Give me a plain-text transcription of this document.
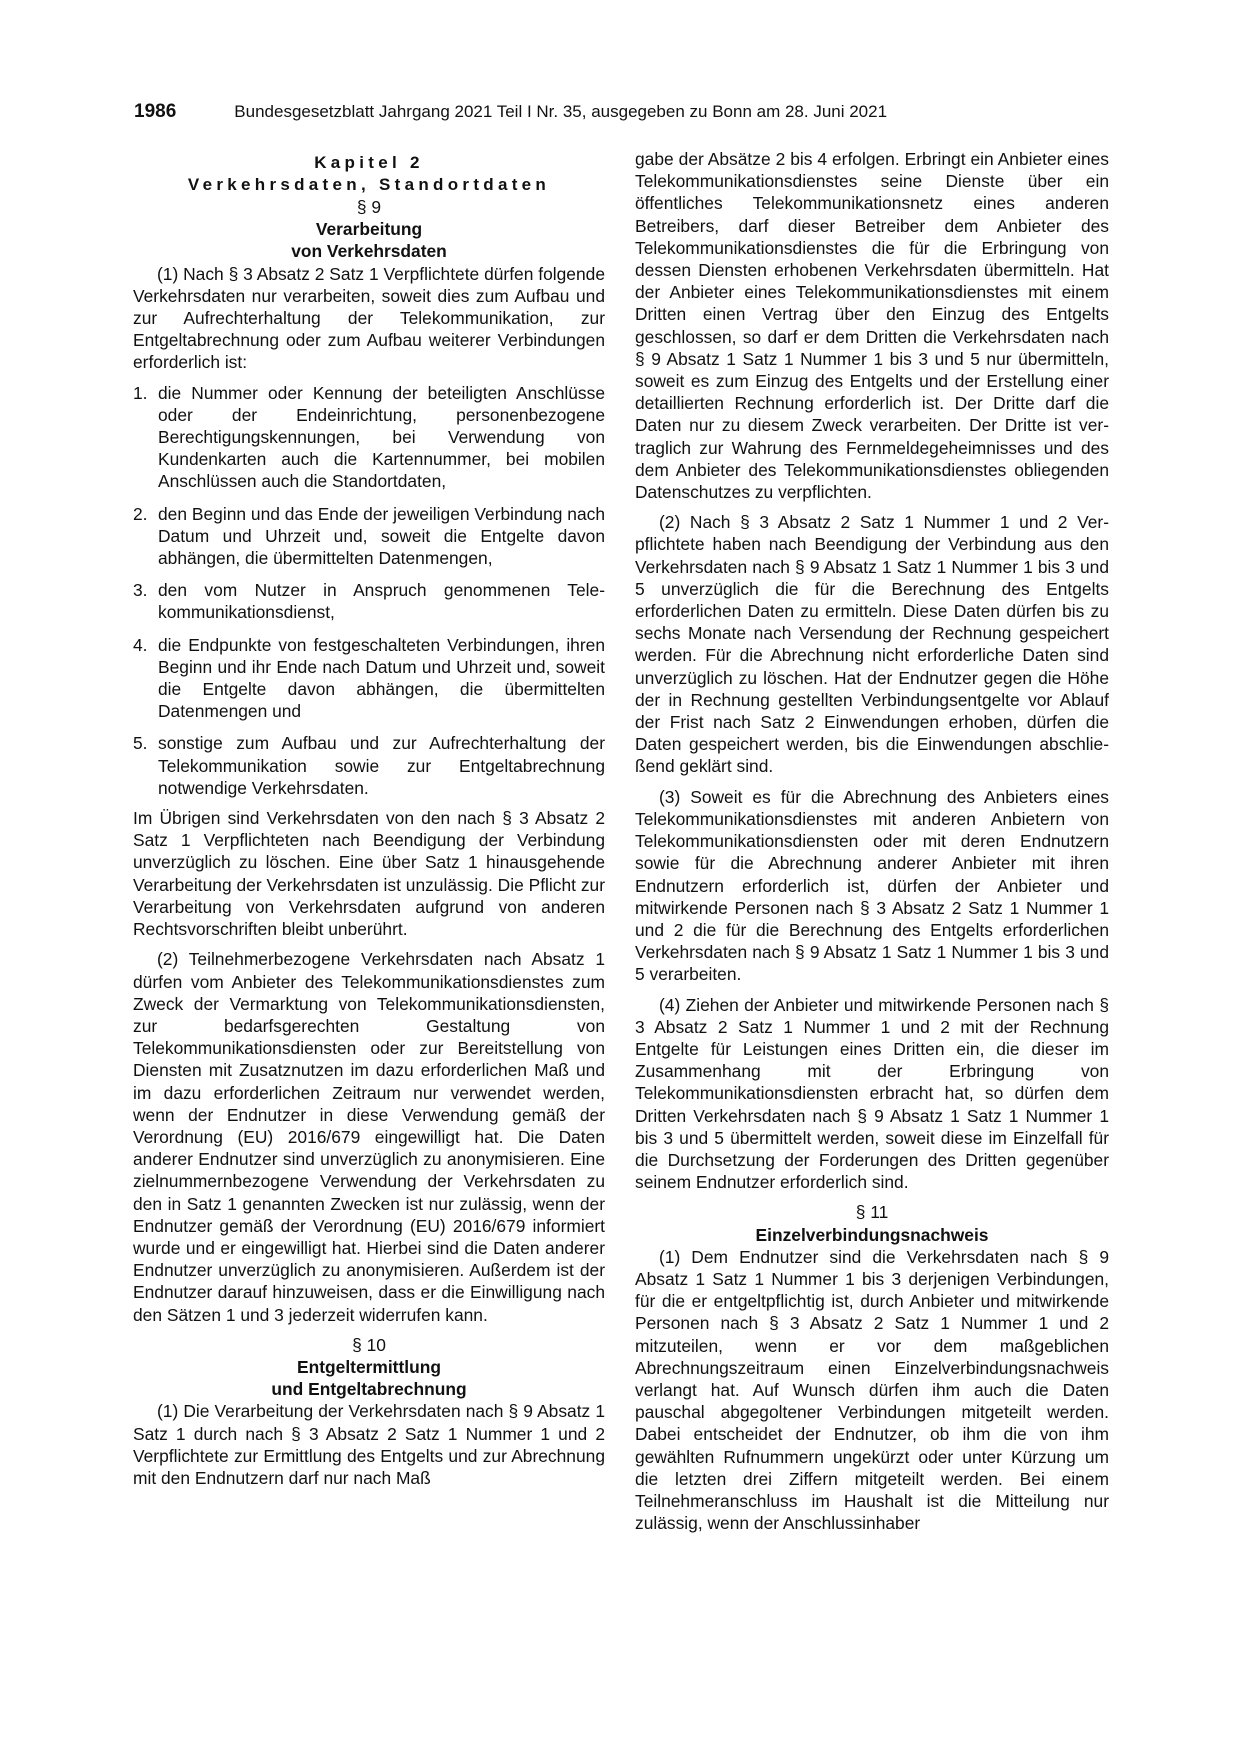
1986	Bundesgesetzblatt Jahrgang 2021 Teil I Nr. 35, ausgegeben zu Bonn am 28. Juni 2021

Kapitel 2

Verkehrsdaten, Standortdaten

§ 9

Verarbeitung
von Verkehrsdaten

(1) Nach § 3 Absatz 2 Satz 1 Verpflichtete dürfen folgende Verkehrsdaten nur verarbeiten, soweit dies zum Aufbau und zur Aufrechterhaltung der Telekommunikation, zur Entgeltabrechnung oder zum Aufbau weiterer Verbindungen erforderlich ist:

1. die Nummer oder Kennung der beteiligten Anschlüsse oder der Endeinrichtung, personenbezogene Berechtigungskennungen, bei Verwendung von Kundenkarten auch die Kartennummer, bei mobilen Anschlüssen auch die Standortdaten,
2. den Beginn und das Ende der jeweiligen Verbindung nach Datum und Uhrzeit und, soweit die Entgelte davon abhängen, die übermittelten Datenmengen,
3. den vom Nutzer in Anspruch genommenen Telekommunikationsdienst,
4. die Endpunkte von festgeschalteten Verbindungen, ihren Beginn und ihr Ende nach Datum und Uhrzeit und, soweit die Entgelte davon abhängen, die übermittelten Datenmengen und
5. sonstige zum Aufbau und zur Aufrechterhaltung der Telekommunikation sowie zur Entgeltabrechnung notwendige Verkehrsdaten.

Im Übrigen sind Verkehrsdaten von den nach § 3 Absatz 2 Satz 1 Verpflichteten nach Beendigung der Verbindung unverzüglich zu löschen. Eine über Satz 1 hinausgehende Verarbeitung der Verkehrsdaten ist unzulässig. Die Pflicht zur Verarbeitung von Verkehrsdaten aufgrund von anderen Rechtsvorschriften bleibt unberührt.

(2) Teilnehmerbezogene Verkehrsdaten nach Absatz 1 dürfen vom Anbieter des Telekommunikationsdienstes zum Zweck der Vermarktung von Telekommunikationsdiensten, zur bedarfsgerechten Gestaltung von Telekommunikationsdiensten oder zur Bereitstellung von Diensten mit Zusatznutzen im dazu erforderlichen Maß und im dazu erforderlichen Zeitraum nur verwendet werden, wenn der Endnutzer in diese Verwendung gemäß der Verordnung (EU) 2016/679 eingewilligt hat. Die Daten anderer Endnutzer sind unverzüglich zu anonymisieren. Eine zielnummernbezogene Verwendung der Verkehrsdaten zu den in Satz 1 genannten Zwecken ist nur zulässig, wenn der Endnutzer gemäß der Verordnung (EU) 2016/679 informiert wurde und er eingewilligt hat. Hierbei sind die Daten anderer Endnutzer unverzüglich zu anonymisieren. Außerdem ist der Endnutzer darauf hinzuweisen, dass er die Einwilligung nach den Sätzen 1 und 3 jederzeit widerrufen kann.

§ 10

Entgeltermittlung
und Entgeltabrechnung

(1) Die Verarbeitung der Verkehrsdaten nach § 9 Absatz 1 Satz 1 durch nach § 3 Absatz 2 Satz 1 Nummer 1 und 2 Verpflichtete zur Ermittlung des Entgelts und zur Abrechnung mit den Endnutzern darf nur nach Maß

gabe der Absätze 2 bis 4 erfolgen. Erbringt ein Anbieter eines Telekommunikationsdienstes seine Dienste über ein öffentliches Telekommunikationsnetz eines anderen Betreibers, darf dieser Betreiber dem Anbieter des Telekommunikationsdienstes die für die Erbringung von dessen Diensten erhobenen Verkehrsdaten übermitteln. Hat der Anbieter eines Telekommunikationsdienstes mit einem Dritten einen Vertrag über den Einzug des Entgelts geschlossen, so darf er dem Dritten die Verkehrsdaten nach § 9 Absatz 1 Satz 1 Nummer 1 bis 3 und 5 nur übermitteln, soweit es zum Einzug des Entgelts und der Erstellung einer detaillierten Rechnung erforderlich ist. Der Dritte darf die Daten nur zu diesem Zweck verarbeiten. Der Dritte ist vertraglich zur Wahrung des Fernmeldegeheimnisses und des dem Anbieter des Telekommunikationsdienstes obliegenden Datenschutzes zu verpflichten.

(2) Nach § 3 Absatz 2 Satz 1 Nummer 1 und 2 Verpflichtete haben nach Beendigung der Verbindung aus den Verkehrsdaten nach § 9 Absatz 1 Satz 1 Nummer 1 bis 3 und 5 unverzüglich die für die Berechnung des Entgelts erforderlichen Daten zu ermitteln. Diese Daten dürfen bis zu sechs Monate nach Versendung der Rechnung gespeichert werden. Für die Abrechnung nicht erforderliche Daten sind unverzüglich zu löschen. Hat der Endnutzer gegen die Höhe der in Rechnung gestellten Verbindungsentgelte vor Ablauf der Frist nach Satz 2 Einwendungen erhoben, dürfen die Daten gespeichert werden, bis die Einwendungen abschließend geklärt sind.

(3) Soweit es für die Abrechnung des Anbieters eines Telekommunikationsdienstes mit anderen Anbietern von Telekommunikationsdiensten oder mit deren Endnutzern sowie für die Abrechnung anderer Anbieter mit ihren Endnutzern erforderlich ist, dürfen der Anbieter und mitwirkende Personen nach § 3 Absatz 2 Satz 1 Nummer 1 und 2 die für die Berechnung des Entgelts erforderlichen Verkehrsdaten nach § 9 Absatz 1 Satz 1 Nummer 1 bis 3 und 5 verarbeiten.

(4) Ziehen der Anbieter und mitwirkende Personen nach § 3 Absatz 2 Satz 1 Nummer 1 und 2 mit der Rechnung Entgelte für Leistungen eines Dritten ein, die dieser im Zusammenhang mit der Erbringung von Telekommunikationsdiensten erbracht hat, so dürfen dem Dritten Verkehrsdaten nach § 9 Absatz 1 Satz 1 Nummer 1 bis 3 und 5 übermittelt werden, soweit diese im Einzelfall für die Durchsetzung der Forderungen des Dritten gegenüber seinem Endnutzer erforderlich sind.

§ 11

Einzelverbindungsnachweis

(1) Dem Endnutzer sind die Verkehrsdaten nach § 9 Absatz 1 Satz 1 Nummer 1 bis 3 derjenigen Verbindungen, für die er entgeltpflichtig ist, durch Anbieter und mitwirkende Personen nach § 3 Absatz 2 Satz 1 Nummer 1 und 2 mitzuteilen, wenn er vor dem maßgeblichen Abrechnungszeitraum einen Einzelverbindungsnachweis verlangt hat. Auf Wunsch dürfen ihm auch die Daten pauschal abgegoltener Verbindungen mitgeteilt werden. Dabei entscheidet der Endnutzer, ob ihm die von ihm gewählten Rufnummern ungekürzt oder unter Kürzung um die letzten drei Ziffern mitgeteilt werden. Bei einem Teilnehmeranschluss im Haushalt ist die Mitteilung nur zulässig, wenn der Anschlussinhaber
